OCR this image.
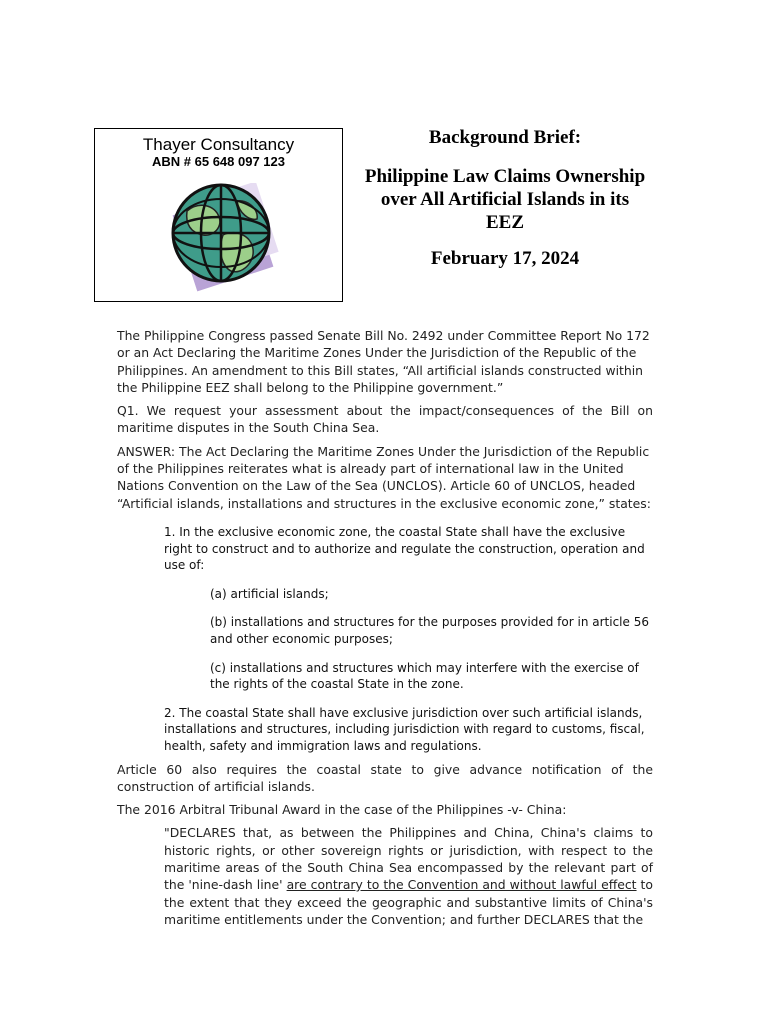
Thayer Consultancy
ABN # 65 648 097 123
Background Brief:
Philippine Law Claims Ownership over All Artificial Islands in its EEZ
February 17, 2024

The Philippine Congress passed Senate Bill No. 2492 under Committee Report No 172 or an Act Declaring the Maritime Zones Under the Jurisdiction of the Republic of the Philippines. An amendment to this Bill states, “All artificial islands constructed within the Philippine EEZ shall belong to the Philippine government.”

Q1. We request your assessment about the impact/consequences of the Bill on maritime disputes in the South China Sea.

ANSWER: The Act Declaring the Maritime Zones Under the Jurisdiction of the Republic of the Philippines reiterates what is already part of international law in the United Nations Convention on the Law of the Sea (UNCLOS). Article 60 of UNCLOS, headed “Artificial islands, installations and structures in the exclusive economic zone,” states:

1. In the exclusive economic zone, the coastal State shall have the exclusive right to construct and to authorize and regulate the construction, operation and use of:

(a) artificial islands;

(b) installations and structures for the purposes provided for in article 56 and other economic purposes;

(c) installations and structures which may interfere with the exercise of the rights of the coastal State in the zone.

2. The coastal State shall have exclusive jurisdiction over such artificial islands, installations and structures, including jurisdiction with regard to customs, fiscal, health, safety and immigration laws and regulations.

Article 60 also requires the coastal state to give advance notification of the construction of artificial islands.

The 2016 Arbitral Tribunal Award in the case of the Philippines -v- China:

"DECLARES that, as between the Philippines and China, China's claims to historic rights, or other sovereign rights or jurisdiction, with respect to the maritime areas of the South China Sea encompassed by the relevant part of the 'nine-dash line' are contrary to the Convention and without lawful effect to the extent that they exceed the geographic and substantive limits of China's maritime entitlements under the Convention; and further DECLARES that the
